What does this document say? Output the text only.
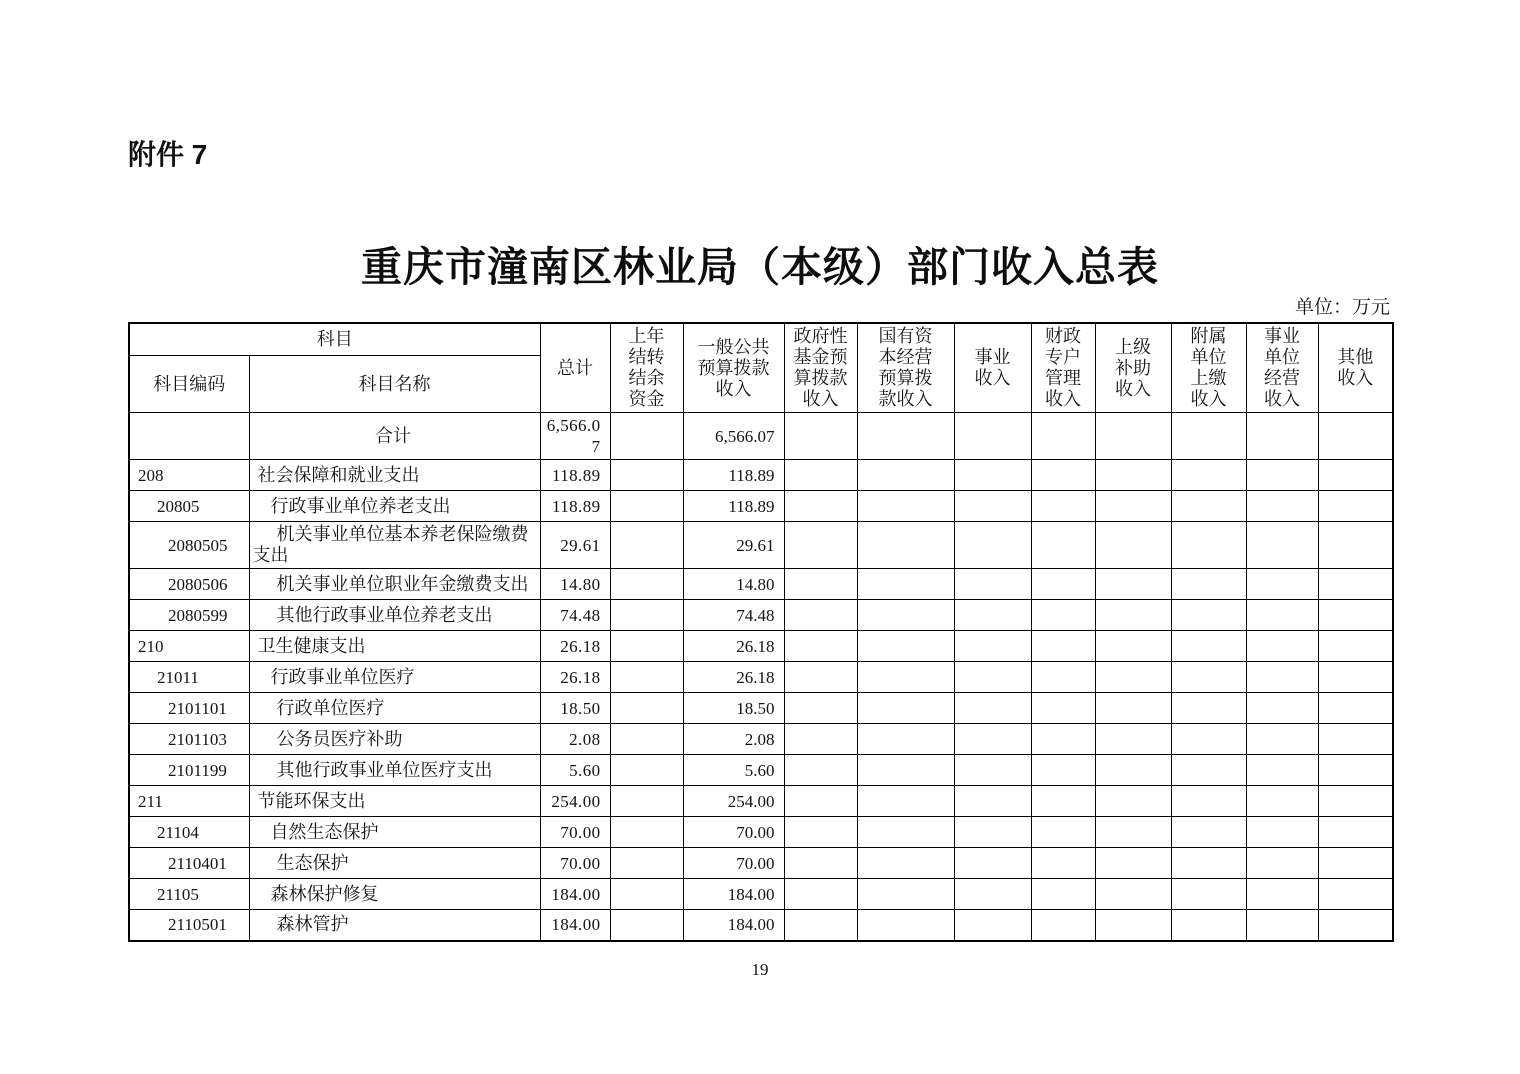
附件 7
重庆市潼南区林业局（本级）部门收入总表
单位：万元
科目		总计	上年结转结余资金	一般公共预算拨款收入	政府性基金预算拨款收入	国有资本经营预算拨款收入	事业收入	财政专户管理收入	上级补助收入	附属单位上缴收入	事业单位经营收入	其他收入
科目编码	科目名称											
	合计	6,566.07		6,566.07								
208	社会保障和就业支出	118.89		118.89								
20805	行政事业单位养老支出	118.89		118.89								
2080505	机关事业单位基本养老保险缴费支出	29.61		29.61								
2080506	机关事业单位职业年金缴费支出	14.80		14.80								
2080599	其他行政事业单位养老支出	74.48		74.48								
210	卫生健康支出	26.18		26.18								
21011	行政事业单位医疗	26.18		26.18								
2101101	行政单位医疗	18.50		18.50								
2101103	公务员医疗补助	2.08		2.08								
2101199	其他行政事业单位医疗支出	5.60		5.60								
211	节能环保支出	254.00		254.00								
21104	自然生态保护	70.00		70.00								
2110401	生态保护	70.00		70.00								
21105	森林保护修复	184.00		184.00								
2110501	森林管护	184.00		184.00								
19
